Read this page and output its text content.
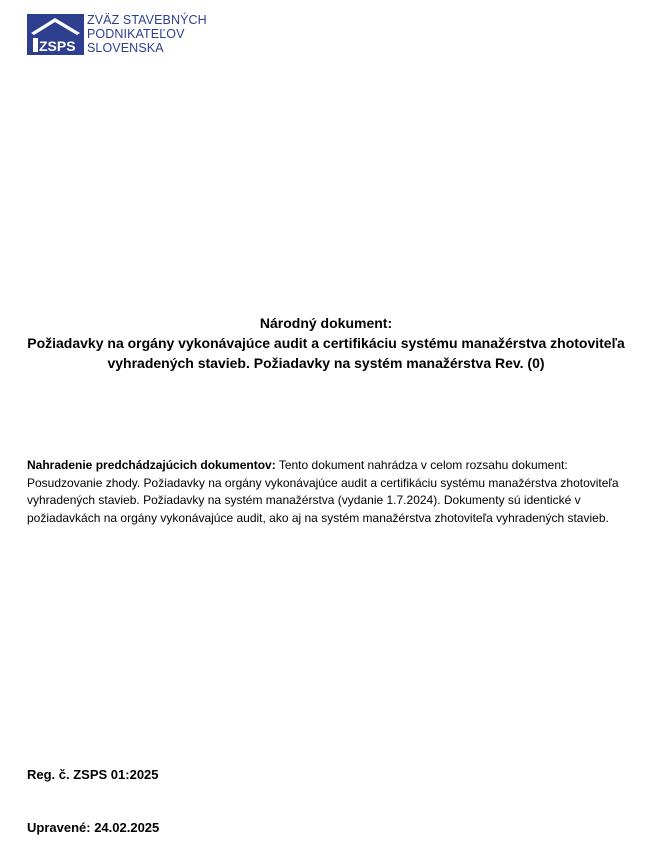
ZSPS
ZVÄZ STAVEBNÝCH
PODNIKATEĽOV
SLOVENSKA
Národný dokument:
Požiadavky na orgány vykonávajúce audit a certifikáciu systému manažérstva zhotoviteľa
vyhradených stavieb. Požiadavky na systém manažérstva Rev. (0)
Nahradenie predchádzajúcich dokumentov: Tento dokument nahrádza v celom rozsahu dokument: Posudzovanie zhody. Požiadavky na orgány vykonávajúce audit a certifikáciu systému manažérstva zhotoviteľa vyhradených stavieb. Požiadavky na systém manažérstva (vydanie 1.7.2024). Dokumenty sú identické v požiadavkách na orgány vykonávajúce audit, ako aj na systém manažérstva zhotoviteľa vyhradených stavieb.
Reg. č. ZSPS 01:2025
Upravené: 24.02.2025
